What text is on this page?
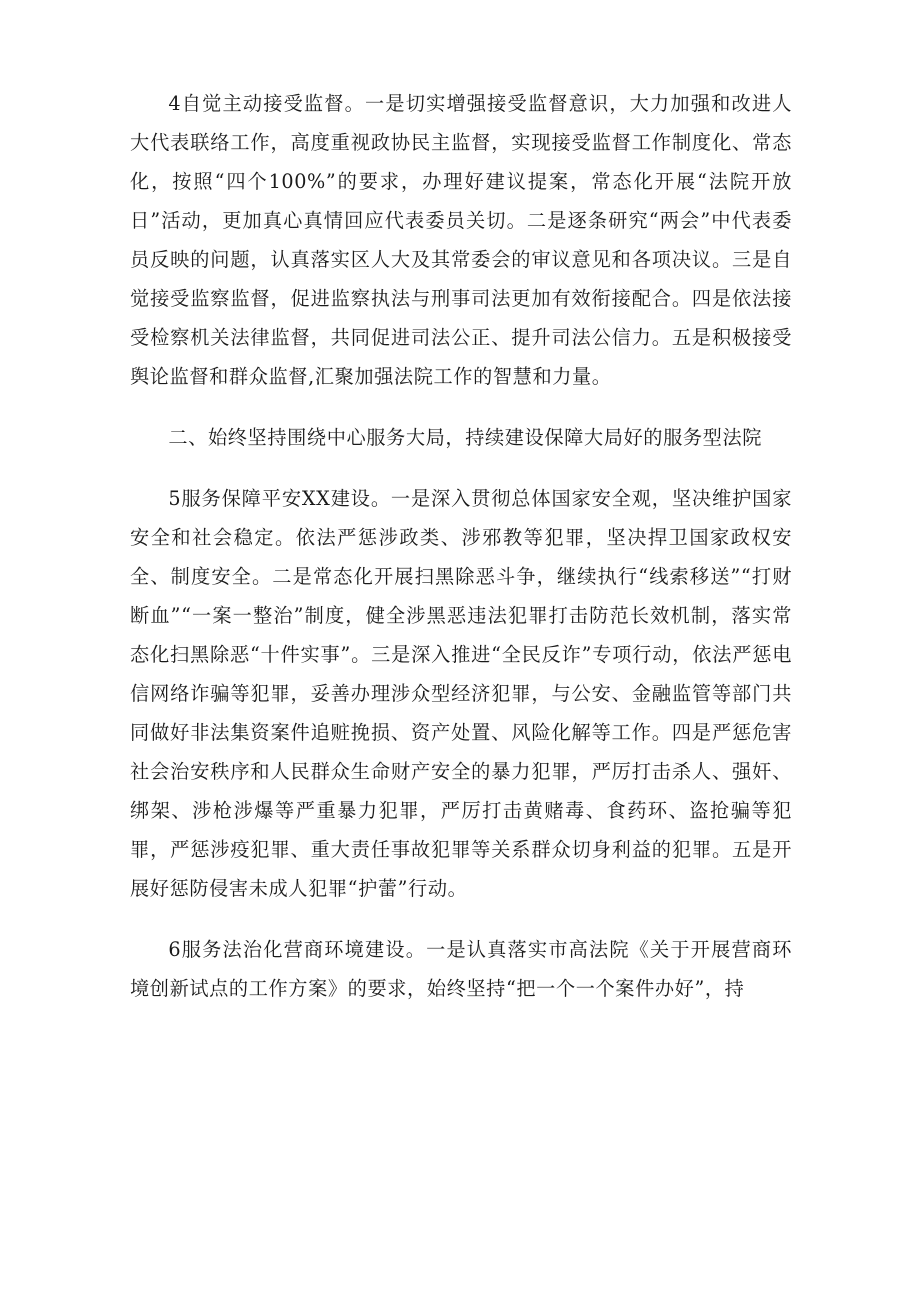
4自觉主动接受监督。一是切实增强接受监督意识，大力加强和改进人大代表联络工作，高度重视政协民主监督，实现接受监督工作制度化、常态化，按照“四个100%”的要求，办理好建议提案，常态化开展“法院开放日”活动，更加真心真情回应代表委员关切。二是逐条研究“两会”中代表委员反映的问题，认真落实区人大及其常委会的审议意见和各项决议。三是自觉接受监察监督，促进监察执法与刑事司法更加有效衔接配合。四是依法接受检察机关法律监督，共同促进司法公正、提升司法公信力。五是积极接受舆论监督和群众监督,汇聚加强法院工作的智慧和力量。

二、始终坚持围绕中心服务大局，持续建设保障大局好的服务型法院

5服务保障平安XX建设。一是深入贯彻总体国家安全观，坚决维护国家安全和社会稳定。依法严惩涉政类、涉邪教等犯罪，坚决捍卫国家政权安全、制度安全。二是常态化开展扫黑除恶斗争，继续执行“线索移送”“打财断血”“一案一整治”制度，健全涉黑恶违法犯罪打击防范长效机制，落实常态化扫黑除恶“十件实事”。三是深入推进“全民反诈”专项行动，依法严惩电信网络诈骗等犯罪，妥善办理涉众型经济犯罪，与公安、金融监管等部门共同做好非法集资案件追赃挽损、资产处置、风险化解等工作。四是严惩危害社会治安秩序和人民群众生命财产安全的暴力犯罪，严厉打击杀人、强奸、绑架、涉枪涉爆等严重暴力犯罪，严厉打击黄赌毒、食药环、盗抢骗等犯罪，严惩涉疫犯罪、重大责任事故犯罪等关系群众切身利益的犯罪。五是开展好惩防侵害未成人犯罪“护蕾”行动。

6服务法治化营商环境建设。一是认真落实市高法院《关于开展营商环境创新试点的工作方案》的要求，始终坚持“把一个一个案件办好”，持
